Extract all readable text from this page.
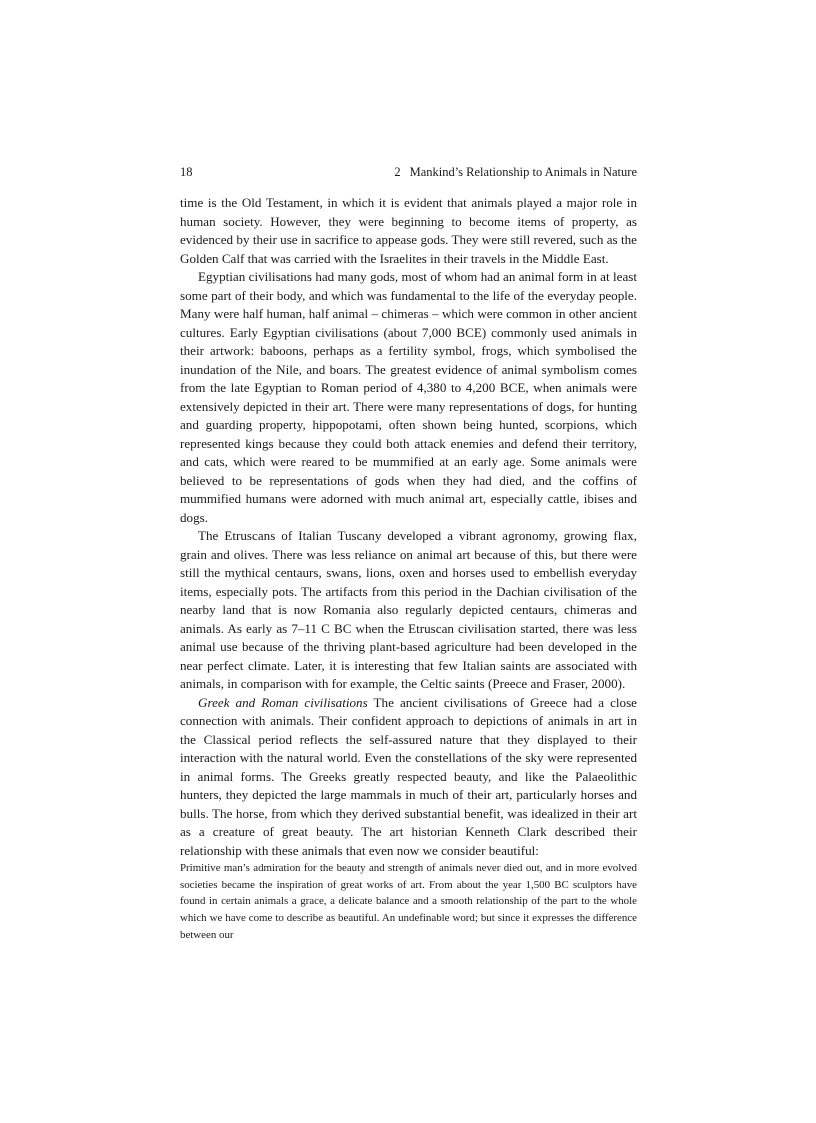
18	2 Mankind’s Relationship to Animals in Nature

time is the Old Testament, in which it is evident that animals played a major role in human society. However, they were beginning to become items of property, as evidenced by their use in sacrifice to appease gods. They were still revered, such as the Golden Calf that was carried with the Israelites in their travels in the Middle East.

Egyptian civilisations had many gods, most of whom had an animal form in at least some part of their body, and which was fundamental to the life of the everyday people. Many were half human, half animal – chimeras – which were common in other ancient cultures. Early Egyptian civilisations (about 7,000 BCE) commonly used animals in their artwork: baboons, perhaps as a fertility symbol, frogs, which symbolised the inundation of the Nile, and boars. The greatest evidence of animal symbolism comes from the late Egyptian to Roman period of 4,380 to 4,200 BCE, when animals were extensively depicted in their art. There were many representations of dogs, for hunting and guarding property, hippopotami, often shown being hunted, scorpions, which represented kings because they could both attack enemies and defend their territory, and cats, which were reared to be mummified at an early age. Some animals were believed to be representations of gods when they had died, and the coffins of mummified humans were adorned with much animal art, especially cattle, ibises and dogs.

The Etruscans of Italian Tuscany developed a vibrant agronomy, growing flax, grain and olives. There was less reliance on animal art because of this, but there were still the mythical centaurs, swans, lions, oxen and horses used to embellish everyday items, especially pots. The artifacts from this period in the Dachian civilisation of the nearby land that is now Romania also regularly depicted centaurs, chimeras and animals. As early as 7–11 C BC when the Etruscan civilisation started, there was less animal use because of the thriving plant-based agriculture had been developed in the near perfect climate. Later, it is interesting that few Italian saints are associated with animals, in comparison with for example, the Celtic saints (Preece and Fraser, 2000).

Greek and Roman civilisations The ancient civilisations of Greece had a close connection with animals. Their confident approach to depictions of animals in art in the Classical period reflects the self-assured nature that they displayed to their interaction with the natural world. Even the constellations of the sky were represented in animal forms. The Greeks greatly respected beauty, and like the Palaeolithic hunters, they depicted the large mammals in much of their art, particularly horses and bulls. The horse, from which they derived substantial benefit, was idealized in their art as a creature of great beauty. The art historian Kenneth Clark described their relationship with these animals that even now we consider beautiful:

Primitive man’s admiration for the beauty and strength of animals never died out, and in more evolved societies became the inspiration of great works of art. From about the year 1,500 BC sculptors have found in certain animals a grace, a delicate balance and a smooth relationship of the part to the whole which we have come to describe as beautiful. An undefinable word; but since it expresses the difference between our
